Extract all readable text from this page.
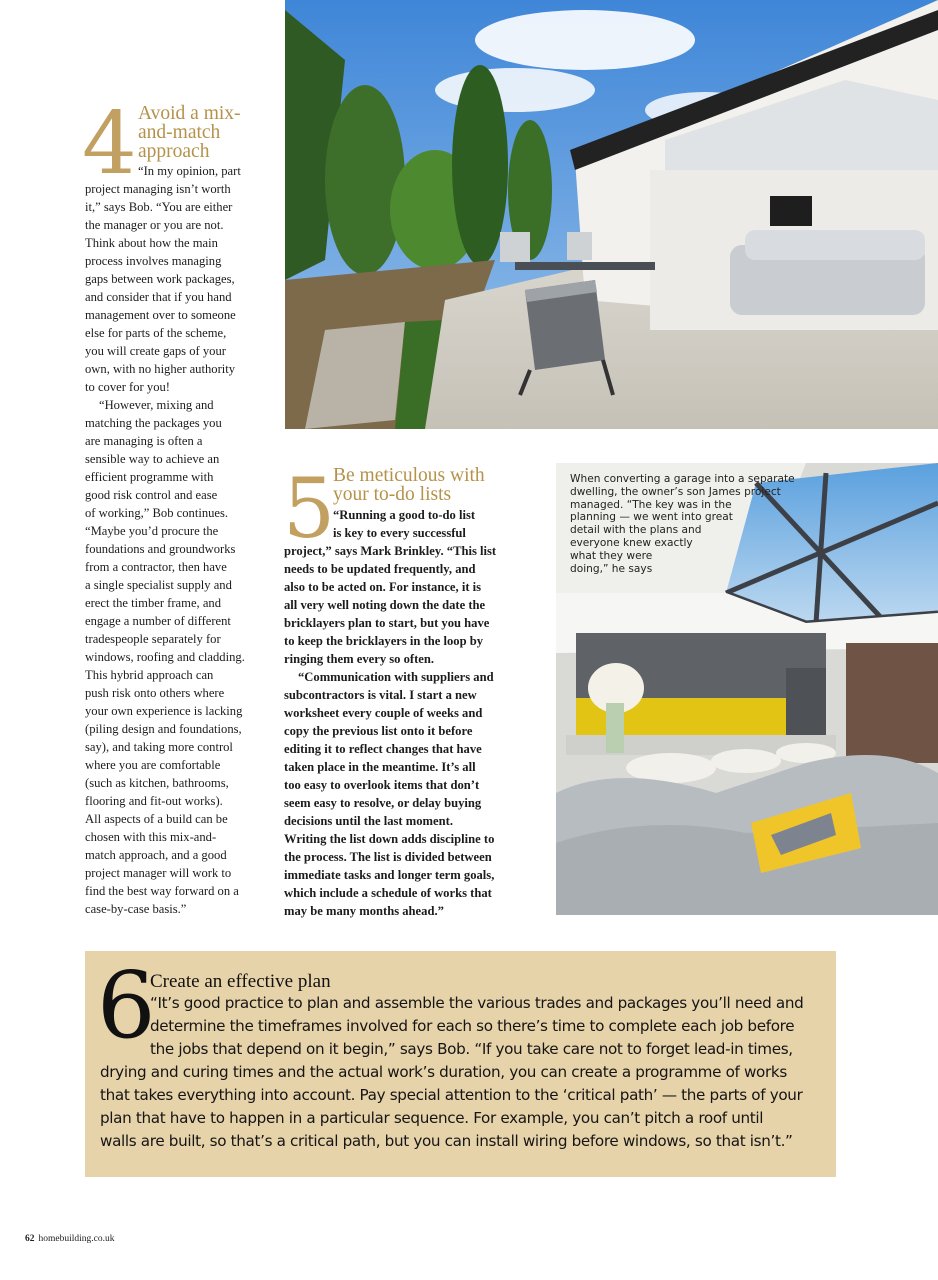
4 Avoid a mix-
and-match
approach
“In my opinion, part
project managing isn’t worth
it,” says Bob. “You are either
the manager or you are not.
Think about how the main
process involves managing
gaps between work packages,
and consider that if you hand
management over to someone
else for parts of the scheme,
you will create gaps of your
own, with no higher authority
to cover for you!
“However, mixing and
matching the packages you
are managing is often a
sensible way to achieve an
efficient programme with
good risk control and ease
of working,” Bob continues.
“Maybe you’d procure the
foundations and groundworks
from a contractor, then have
a single specialist supply and
erect the timber frame, and
engage a number of different
tradespeople separately for
windows, roofing and cladding.
This hybrid approach can
push risk onto others where
your own experience is lacking
(piling design and foundations,
say), and taking more control
where you are comfortable
(such as kitchen, bathrooms,
flooring and fit-out works).
All aspects of a build can be
chosen with this mix-and-
match approach, and a good
project manager will work to
find the best way forward on a
case-by-case basis.”
5
Be meticulous with
your to-do lists
“Running a good to-do list
is key to every successful
project,” says Mark Brinkley. “This list
needs to be updated frequently, and
also to be acted on. For instance, it is
all very well noting down the date the
bricklayers plan to start, but you have
to keep the bricklayers in the loop by
ringing them every so often.
“Communication with suppliers and
subcontractors is vital. I start a new
worksheet every couple of weeks and
copy the previous list onto it before
editing it to reflect changes that have
taken place in the meantime. It’s all
too easy to overlook items that don’t
seem easy to resolve, or delay buying
decisions until the last moment.
Writing the list down adds discipline to
the process. The list is divided between
immediate tasks and longer term goals,
which include a schedule of works that
may be many months ahead.”
When converting a garage into a separate
dwelling, the owner’s son James project
managed. “The key was in the
planning — we went into great
detail with the plans and
everyone knew exactly
what they were
doing,” he says
6
Create an effective plan
“It’s good practice to plan and assemble the various trades and packages you’ll need and
determine the timeframes involved for each so there’s time to complete each job before
the jobs that depend on it begin,” says Bob. “If you take care not to forget lead-in times,
drying and curing times and the actual work’s duration, you can create a programme of works
that takes everything into account. Pay special attention to the ‘critical path’ — the parts of your
plan that have to happen in a particular sequence. For example, you can’t pitch a roof until
walls are built, so that’s a critical path, but you can install wiring before windows, so that isn’t.”
62 homebuilding.co.uk
